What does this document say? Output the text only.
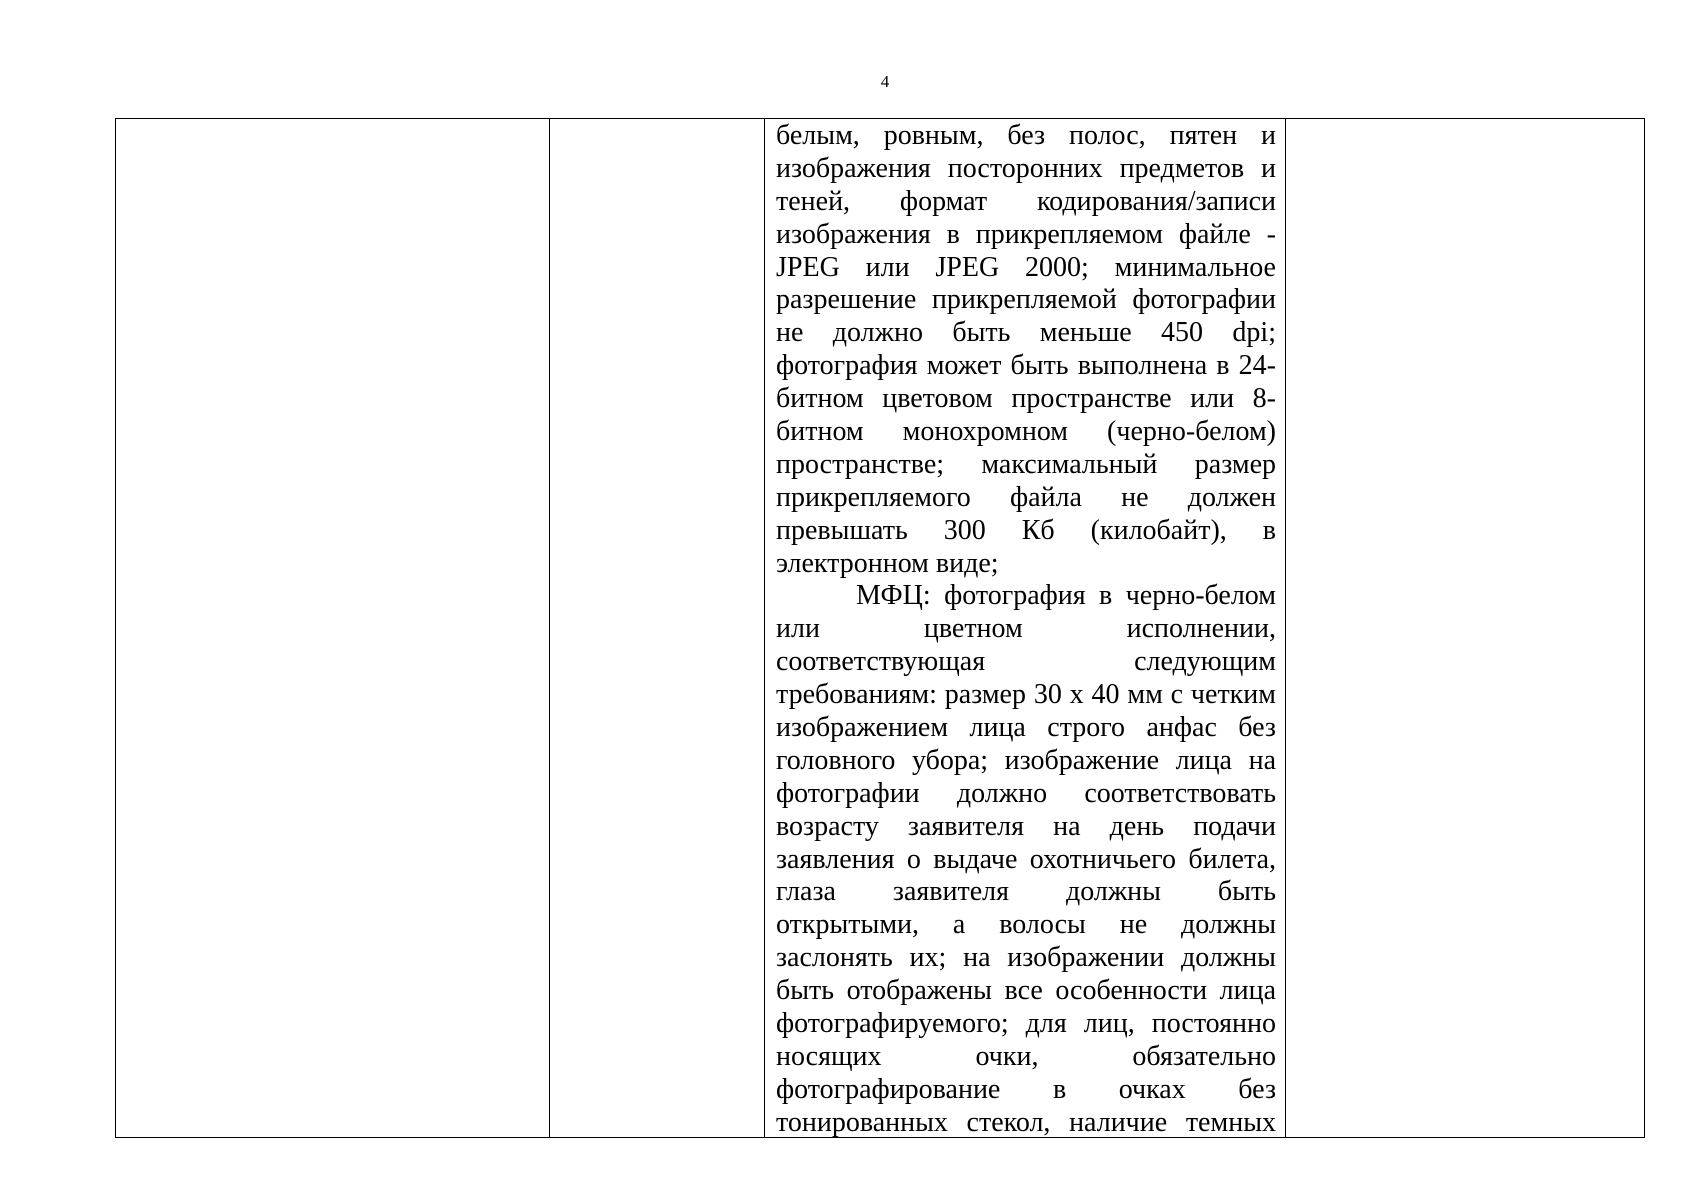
4
белым, ровным, без полос, пятен и
изображения посторонних предметов и
теней, формат кодирования/записи
изображения в прикрепляемом файле -
JPEG или JPEG 2000; минимальное
разрешение прикрепляемой фотографии
не должно быть меньше 450 dpi;
фотография может быть выполнена в 24-
битном цветовом пространстве или 8-
битном монохромном (черно-белом)
пространстве; максимальный размер
прикрепляемого файла не должен
превышать 300 Кб (килобайт), в
электронном виде;
МФЦ: фотография в черно-белом
или цветном исполнении,
соответствующая следующим
требованиям: размер 30 х 40 мм с четким
изображением лица строго анфас без
головного убора; изображение лица на
фотографии должно соответствовать
возрасту заявителя на день подачи
заявления о выдаче охотничьего билета,
глаза заявителя должны быть
открытыми, а волосы не должны
заслонять их; на изображении должны
быть отображены все особенности лица
фотографируемого; для лиц, постоянно
носящих очки, обязательно
фотографирование в очках без
тонированных стекол, наличие темных
